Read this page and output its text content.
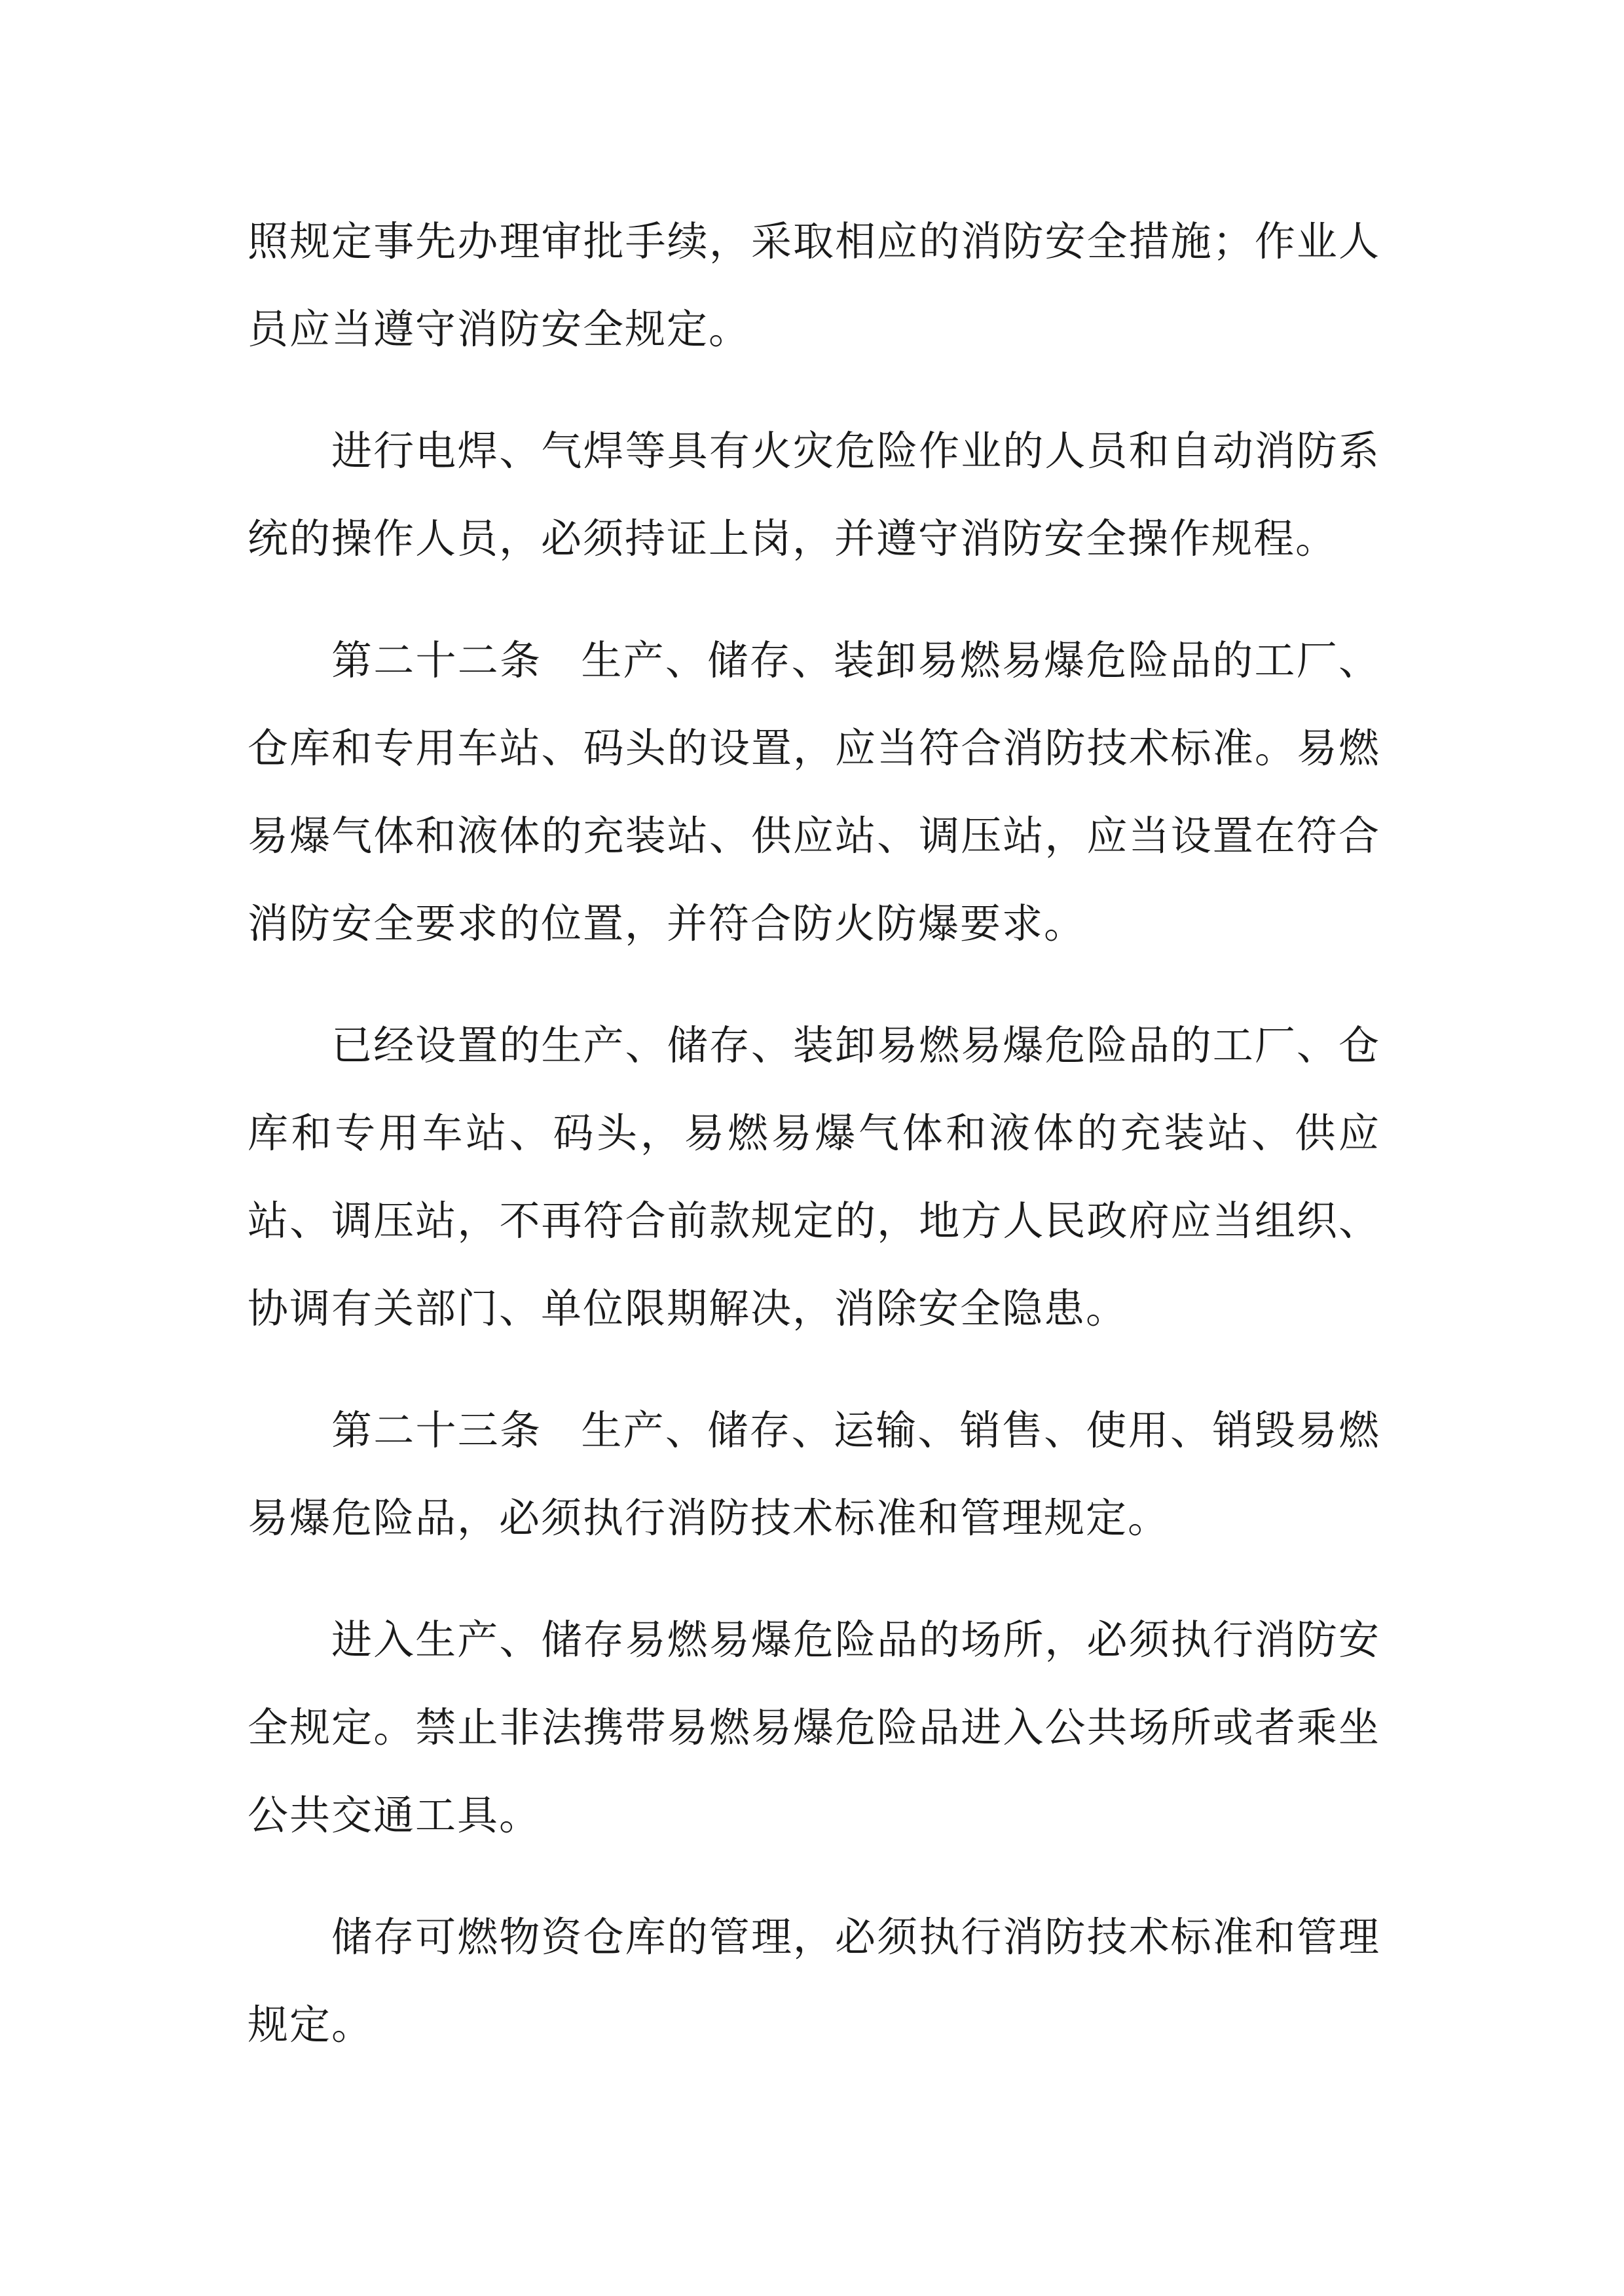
照规定事先办理审批手续，采取相应的消防安全措施；作业人员应当遵守消防安全规定。

进行电焊、气焊等具有火灾危险作业的人员和自动消防系统的操作人员，必须持证上岗，并遵守消防安全操作规程。

第二十二条 生产、储存、装卸易燃易爆危险品的工厂、仓库和专用车站、码头的设置，应当符合消防技术标准。易燃易爆气体和液体的充装站、供应站、调压站，应当设置在符合消防安全要求的位置，并符合防火防爆要求。

已经设置的生产、储存、装卸易燃易爆危险品的工厂、仓库和专用车站、码头，易燃易爆气体和液体的充装站、供应站、调压站，不再符合前款规定的，地方人民政府应当组织、协调有关部门、单位限期解决，消除安全隐患。

第二十三条 生产、储存、运输、销售、使用、销毁易燃易爆危险品，必须执行消防技术标准和管理规定。

进入生产、储存易燃易爆危险品的场所，必须执行消防安全规定。禁止非法携带易燃易爆危险品进入公共场所或者乘坐公共交通工具。

储存可燃物资仓库的管理，必须执行消防技术标准和管理规定。
